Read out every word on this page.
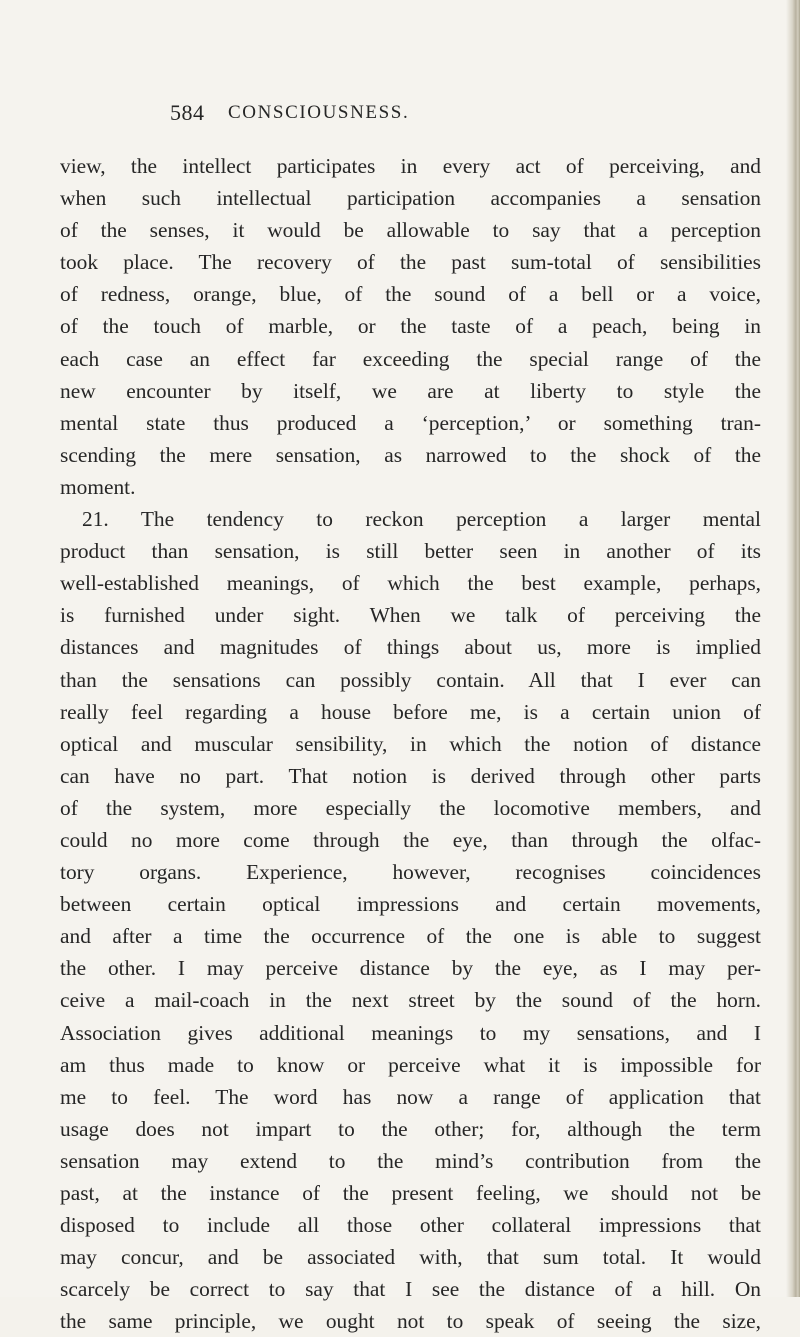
584 CONSCIOUSNESS.
view, the intellect participates in every act of perceiving, and
when such intellectual participation accompanies a sensation
of the senses, it would be allowable to say that a perception
took place. The recovery of the past sum-total of sensibilities
of redness, orange, blue, of the sound of a bell or a voice,
of the touch of marble, or the taste of a peach, being in
each case an effect far exceeding the special range of the
new encounter by itself, we are at liberty to style the
mental state thus produced a ‘perception,’ or something tran-
scending the mere sensation, as narrowed to the shock of the
moment.
21. The tendency to reckon perception a larger mental
product than sensation, is still better seen in another of its
well-established meanings, of which the best example, perhaps,
is furnished under sight. When we talk of perceiving the
distances and magnitudes of things about us, more is implied
than the sensations can possibly contain. All that I ever can
really feel regarding a house before me, is a certain union of
optical and muscular sensibility, in which the notion of distance
can have no part. That notion is derived through other parts
of the system, more especially the locomotive members, and
could no more come through the eye, than through the olfac-
tory organs. Experience, however, recognises coincidences
between certain optical impressions and certain movements,
and after a time the occurrence of the one is able to suggest
the other. I may perceive distance by the eye, as I may per-
ceive a mail-coach in the next street by the sound of the horn.
Association gives additional meanings to my sensations, and I
am thus made to know or perceive what it is impossible for
me to feel. The word has now a range of application that
usage does not impart to the other; for, although the term
sensation may extend to the mind’s contribution from the
past, at the instance of the present feeling, we should not be
disposed to include all those other collateral impressions that
may concur, and be associated with, that sum total. It would
scarcely be correct to say that I see the distance of a hill. On
the same principle, we ought not to speak of seeing the size,
